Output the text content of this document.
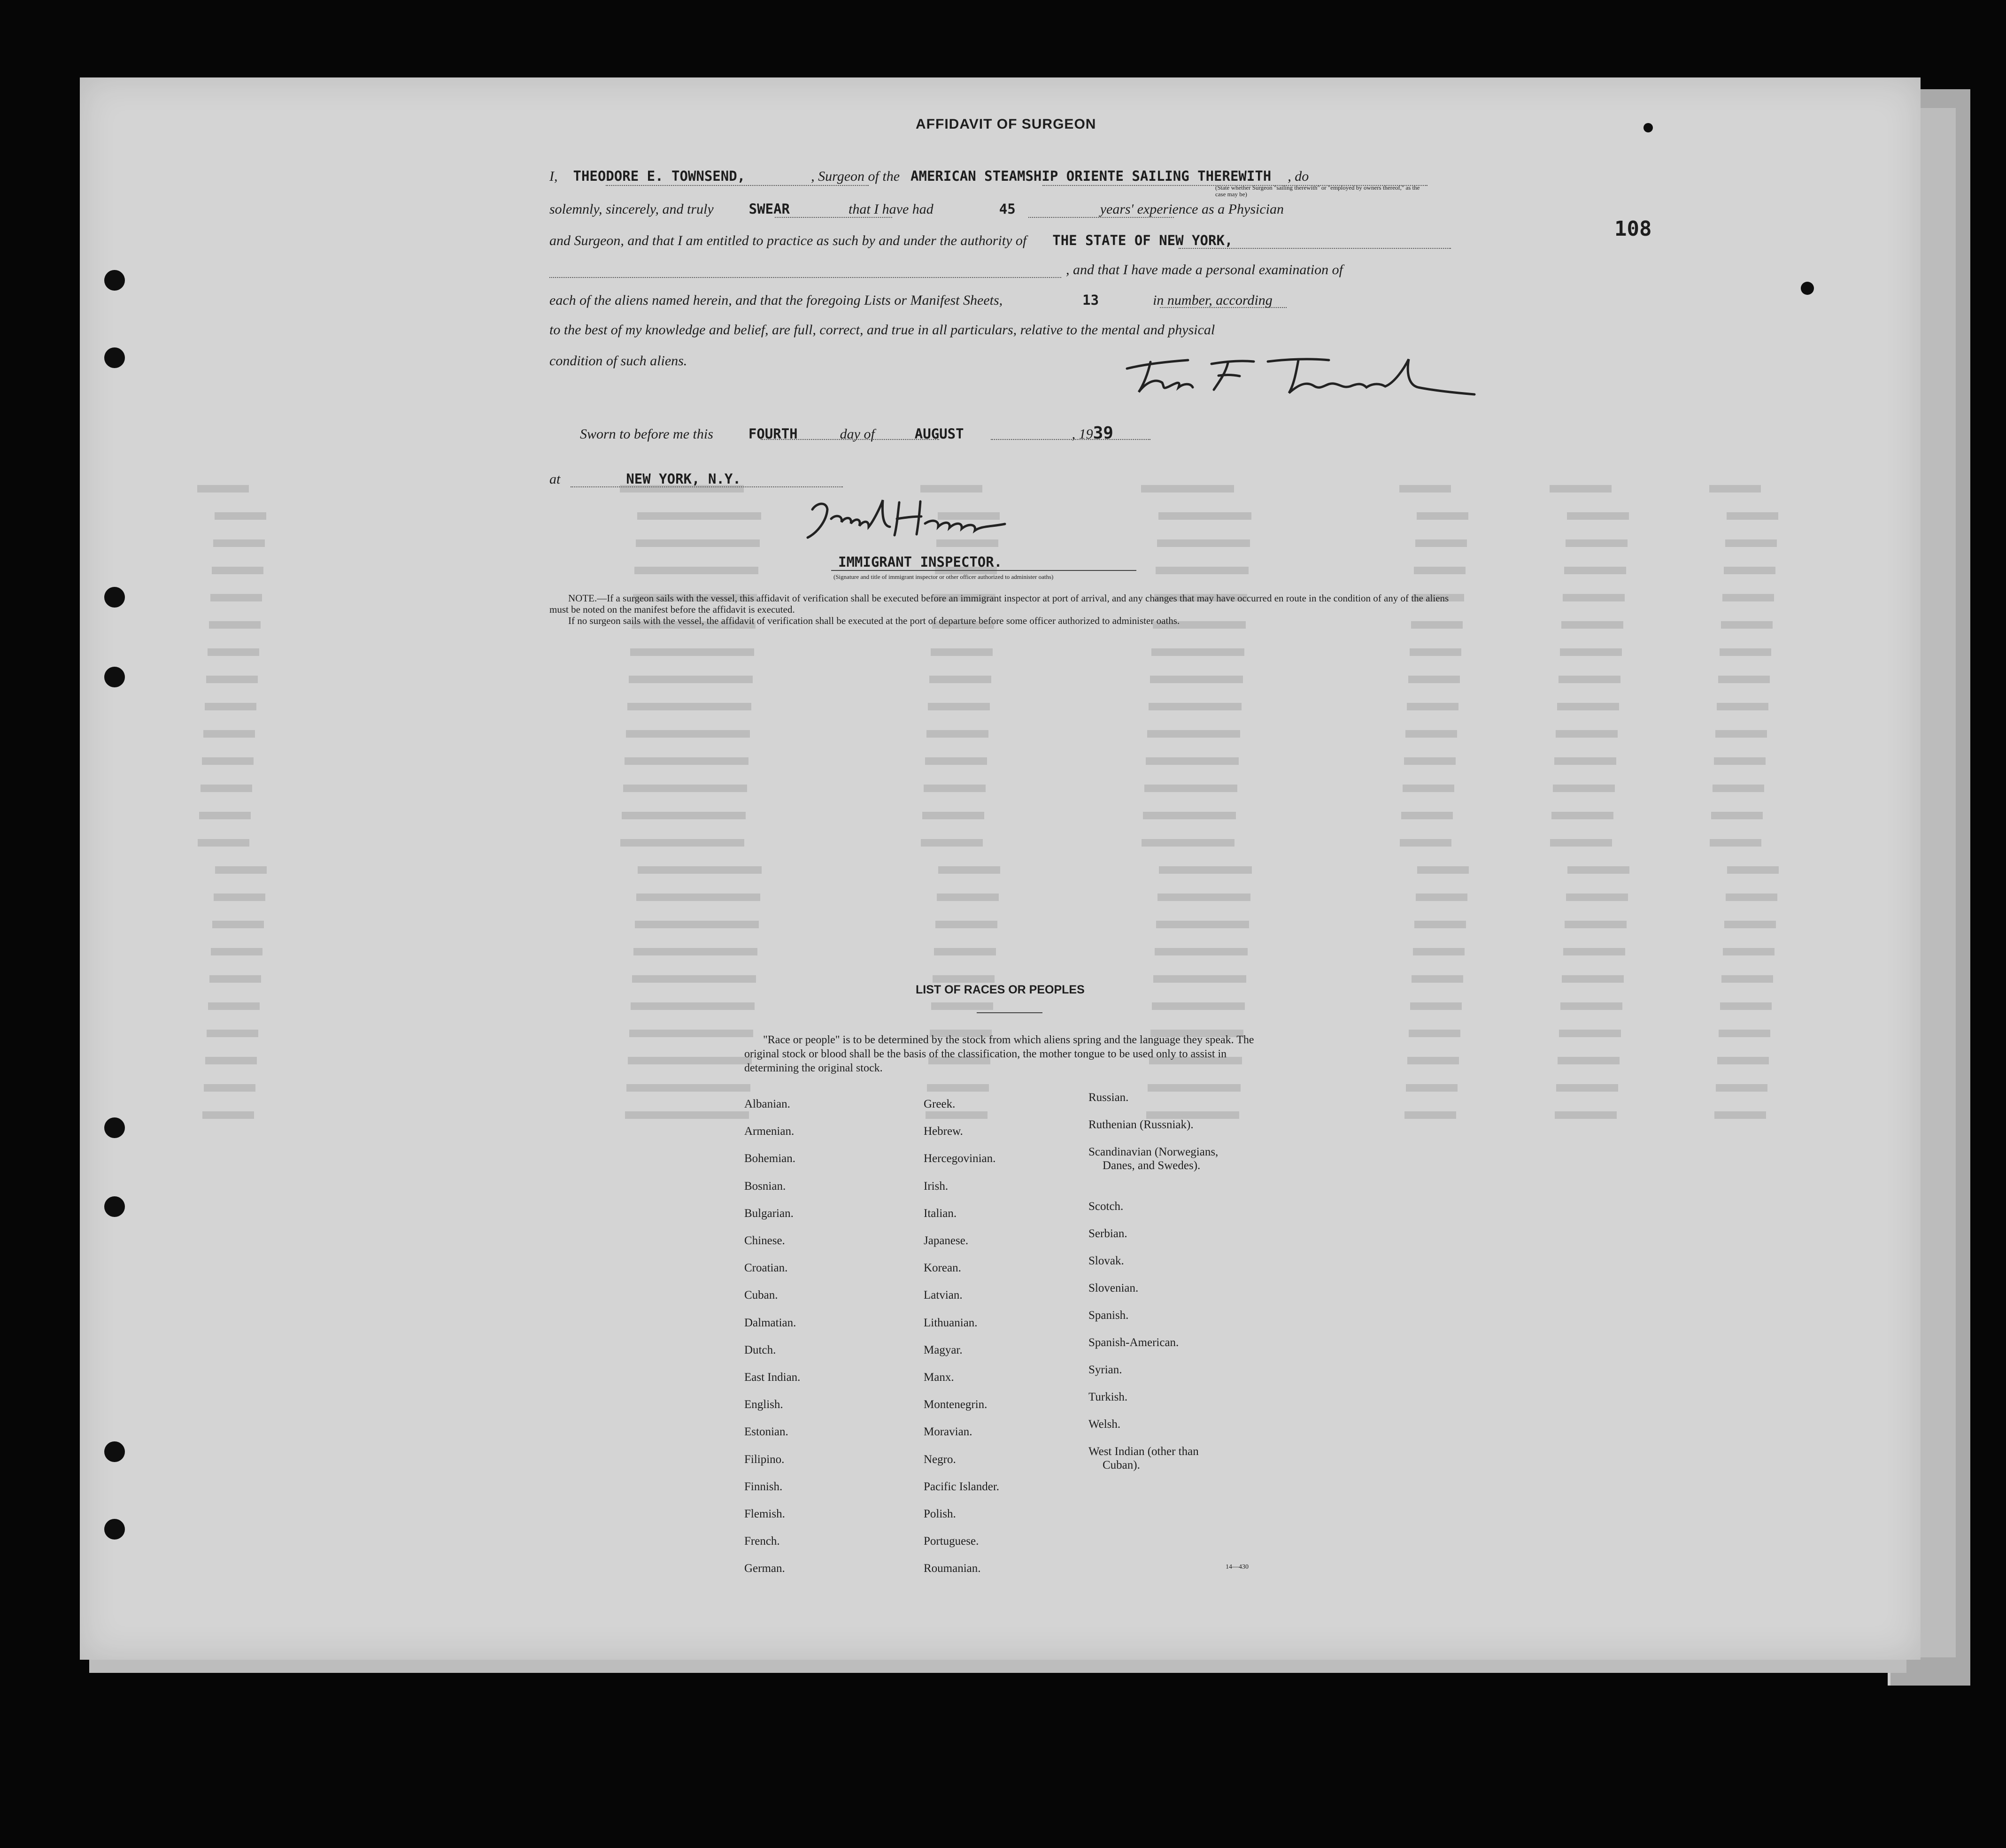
AFFIDAVIT OF SURGEON
108
I, THEODORE E. TOWNSEND,	, Surgeon of the AMERICAN STEAMSHIP ORIENTE SAILING THEREWITH , do
(State whether Surgeon "sailing therewith" or "employed by owners thereof," as the case may be)
solemnly, sincerely, and truly	SWEAR	that I have had	45	years' experience as a Physician
and Surgeon, and that I am entitled to practice as such by and under the authority of THE STATE OF NEW YORK,
, and that I have made a personal examination of
each of the aliens named herein, and that the foregoing Lists or Manifest Sheets,	13	in number, according
to the best of my knowledge and belief, are full, correct, and true in all particulars, relative to the mental and physical
condition of such aliens.
Sworn to before me this	FOURTH	day of	AUGUST	, 1939
at	NEW YORK, N.Y.
IMMIGRANT INSPECTOR.
(Signature and title of immigrant inspector or other officer authorized to administer oaths)

NOTE.—If a surgeon sails with the vessel, this affidavit of verification shall be executed before an immigrant inspector at port of arrival, and any changes that may have occurred en route in the condition of any of the aliens must be noted on the manifest before the affidavit is executed.

If no surgeon sails with the vessel, the affidavit of verification shall be executed at the port of departure before some officer authorized to administer oaths.

LIST OF RACES OR PEOPLES

"Race or people" is to be determined by the stock from which aliens spring and the language they speak. The original stock or blood shall be the basis of the classification, the mother tongue to be used only to assist in determining the original stock.

Albanian.
Armenian.
Bohemian.
Bosnian.
Bulgarian.
Chinese.
Croatian.
Cuban.
Dalmatian.
Dutch.
East Indian.
English.
Estonian.
Filipino.
Finnish.
Flemish.
French.
German.
Greek.
Hebrew.
Hercegovinian.
Irish.
Italian.
Japanese.
Korean.
Latvian.
Lithuanian.
Magyar.
Manx.
Montenegrin.
Moravian.
Negro.
Pacific Islander.
Polish.
Portuguese.
Roumanian.
Russian.
Ruthenian (Russniak).
Scandinavian (Norwegians,
Danes, and Swedes).
Scotch.
Serbian.
Slovak.
Slovenian.
Spanish.
Spanish-American.
Syrian.
Turkish.
Welsh.
West Indian (other than
Cuban).
14—430
